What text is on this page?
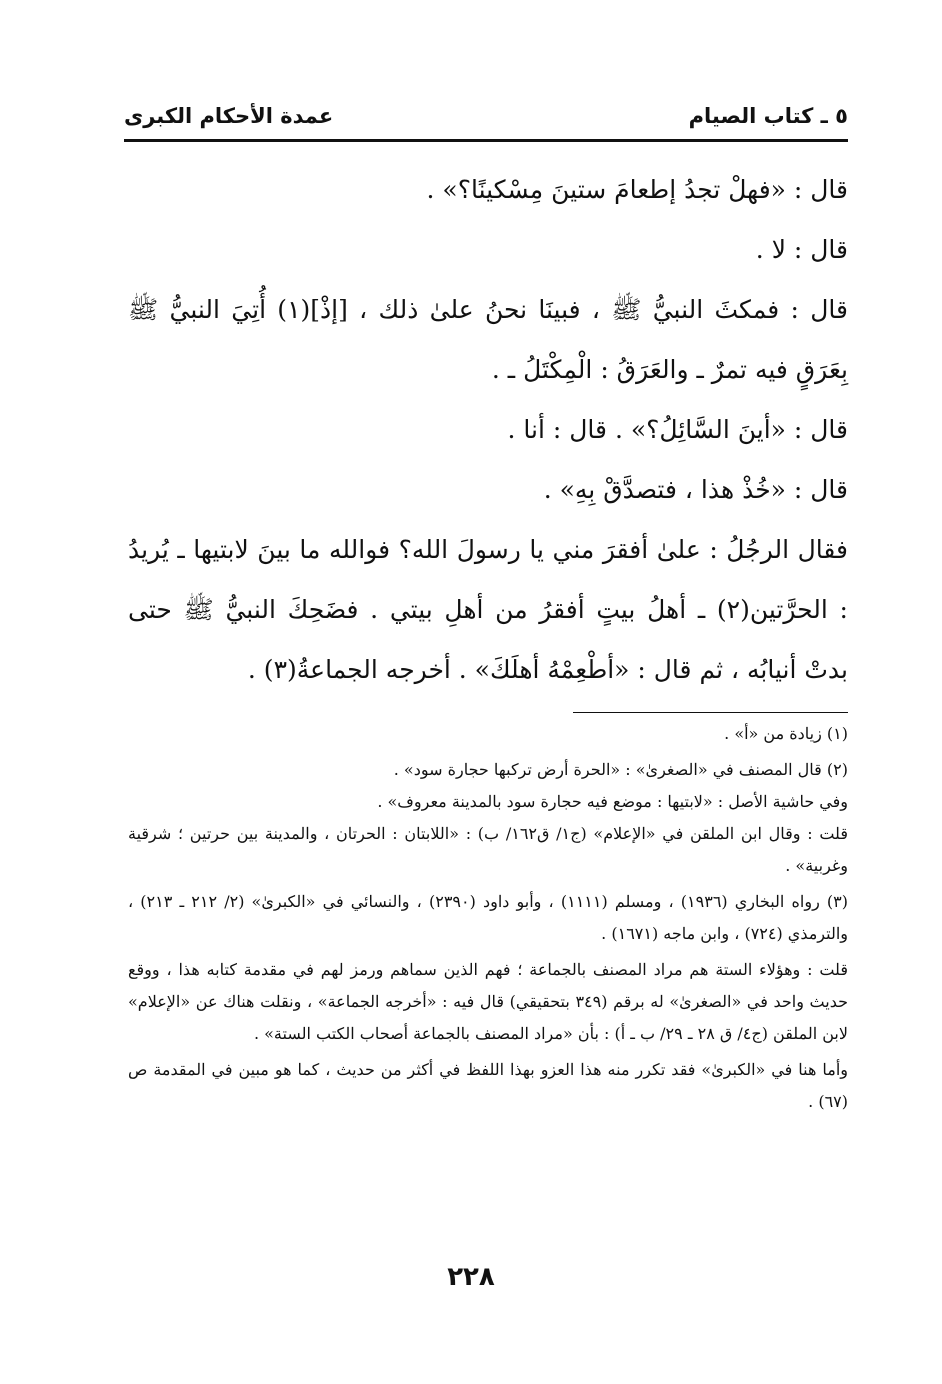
٥ ـ كتاب الصيام
عمدة الأحكام الكبرى

قال : «فهلْ تجدُ إطعامَ ستينَ مِسْكينًا؟» .

قال : لا .

قال : فمكثَ النبيُّ ﷺ ، فبينَا نحنُ علىٰ ذلك ، [إذْ](١) أُتِيَ النبيُّ ﷺ بِعَرَقٍ فيه تمرٌ ـ والعَرَقُ : الْمِكْتَلُ ـ .

قال : «أينَ السَّائِلُ؟» . قال : أنا .

قال : «خُذْ هذا ، فتصدَّقْ بِهِ» .

فقال الرجُلُ : علىٰ أفقرَ مني يا رسولَ الله؟ فوالله ما بينَ لابتيها ـ يُريدُ : الحرَّتين(٢) ـ أهلُ بيتٍ أفقرُ من أهلِ بيتي . فضَحِكَ النبيُّ ﷺ حتى بدتْ أنيابُه ، ثم قال : «أطْعِمْهُ أهلَكَ» . أخرجه الجماعةُ(٣) .

(١) زيادة من «أ» .

(٢) قال المصنف في «الصغرىٰ» : «الحرة أرض تركبها حجارة سود» .

وفي حاشية الأصل : «لابتيها : موضع فيه حجارة سود بالمدينة معروف» .

قلت : وقال ابن الملقن في «الإعلام» (ج١/ ق١٦٢/ ب) : «اللابتان : الحرتان ، والمدينة بين حرتين ؛ شرقية وغربية» .

(٣) رواه البخاري (١٩٣٦) ، ومسلم (١١١١) ، وأبو داود (٢٣٩٠) ، والنسائي في «الكبرىٰ» (٢/ ٢١٢ ـ ٢١٣) ، والترمذي (٧٢٤) ، وابن ماجه (١٦٧١) .

قلت : وهؤلاء الستة هم مراد المصنف بالجماعة ؛ فهم الذين سماهم ورمز لهم في مقدمة كتابه هذا ، ووقع حديث واحد في «الصغرىٰ» له برقم (٣٤٩ بتحقيقي) قال فيه : «أخرجه الجماعة» ، ونقلت هناك عن «الإعلام» لابن الملقن (ج٤/ ق ٢٨ ـ ٢٩/ ب ـ أ) : بأن «مراد المصنف بالجماعة أصحاب الكتب الستة» .

وأما هنا في «الكبرىٰ» فقد تكرر منه هذا العزو بهذا اللفظ في أكثر من حديث ، كما هو مبين في المقدمة ص (٦٧) .

٢٢٨
